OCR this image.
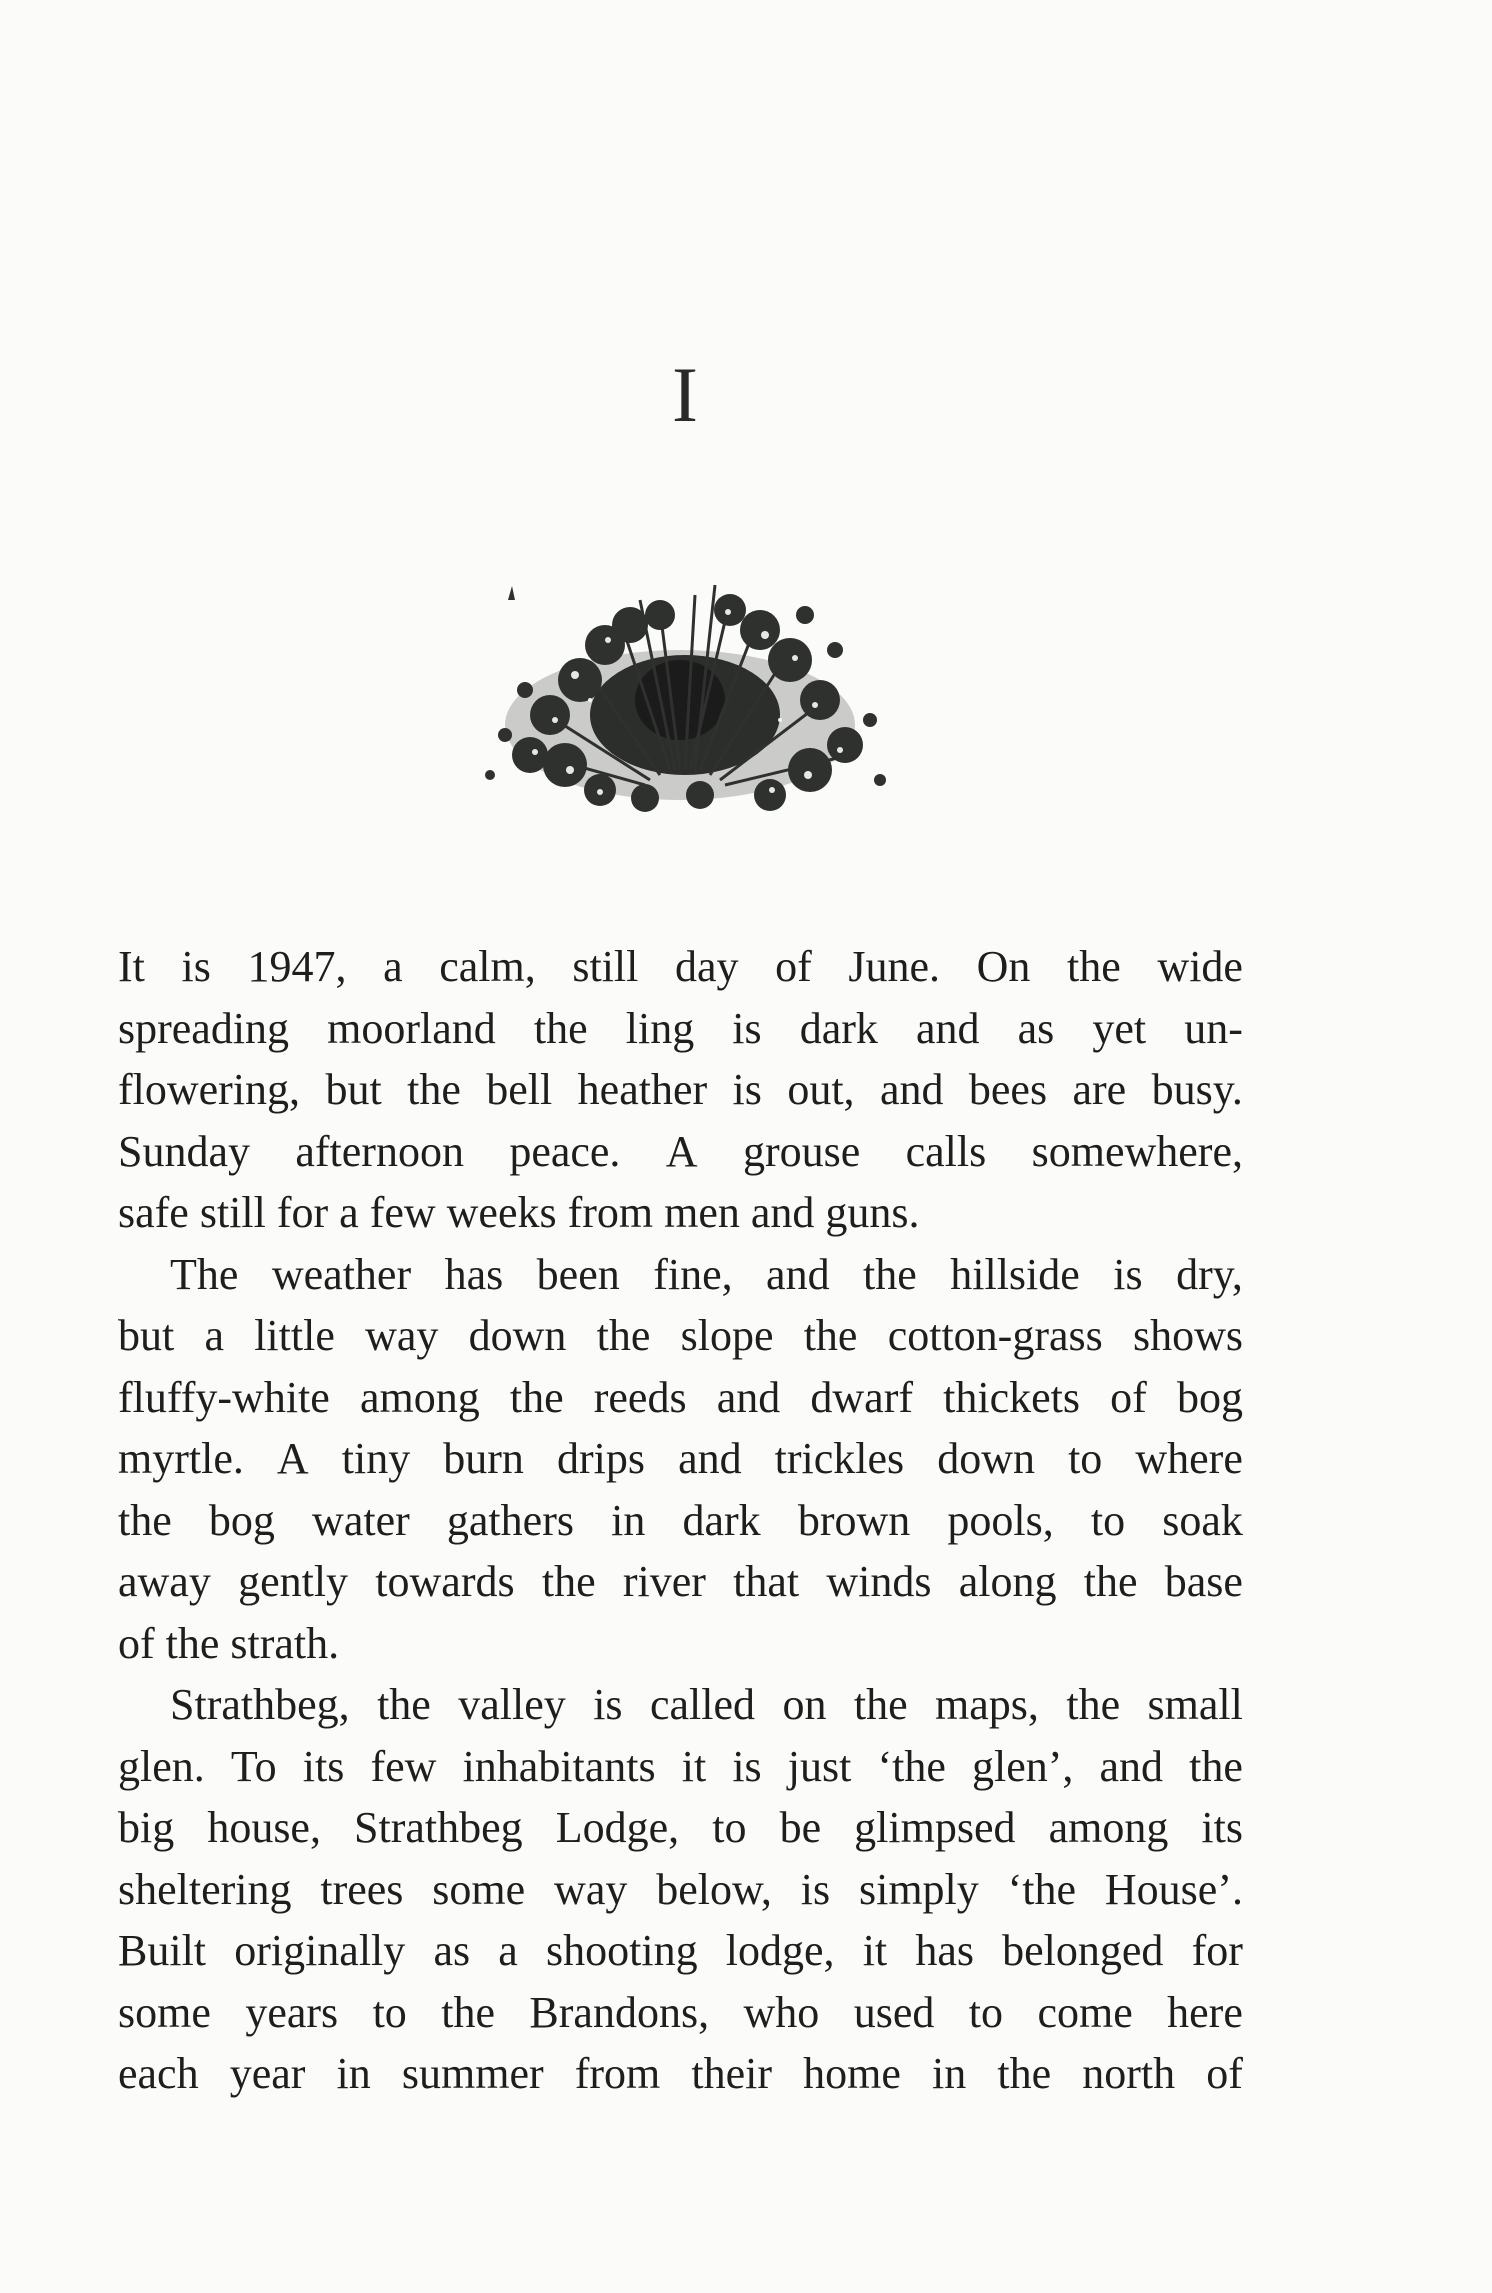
I
It is 1947, a calm, still day of June. On the wide
spreading moorland the ling is dark and as yet un-
flowering, but the bell heather is out, and bees are busy.
Sunday afternoon peace. A grouse calls somewhere,
safe still for a few weeks from men and guns.
The weather has been fine, and the hillside is dry,
but a little way down the slope the cotton-grass shows
fluffy-white among the reeds and dwarf thickets of bog
myrtle. A tiny burn drips and trickles down to where
the bog water gathers in dark brown pools, to soak
away gently towards the river that winds along the base
of the strath.
Strathbeg, the valley is called on the maps, the small
glen. To its few inhabitants it is just ‘the glen’, and the
big house, Strathbeg Lodge, to be glimpsed among its
sheltering trees some way below, is simply ‘the House’.
Built originally as a shooting lodge, it has belonged for
some years to the Brandons, who used to come here
each year in summer from their home in the north of
